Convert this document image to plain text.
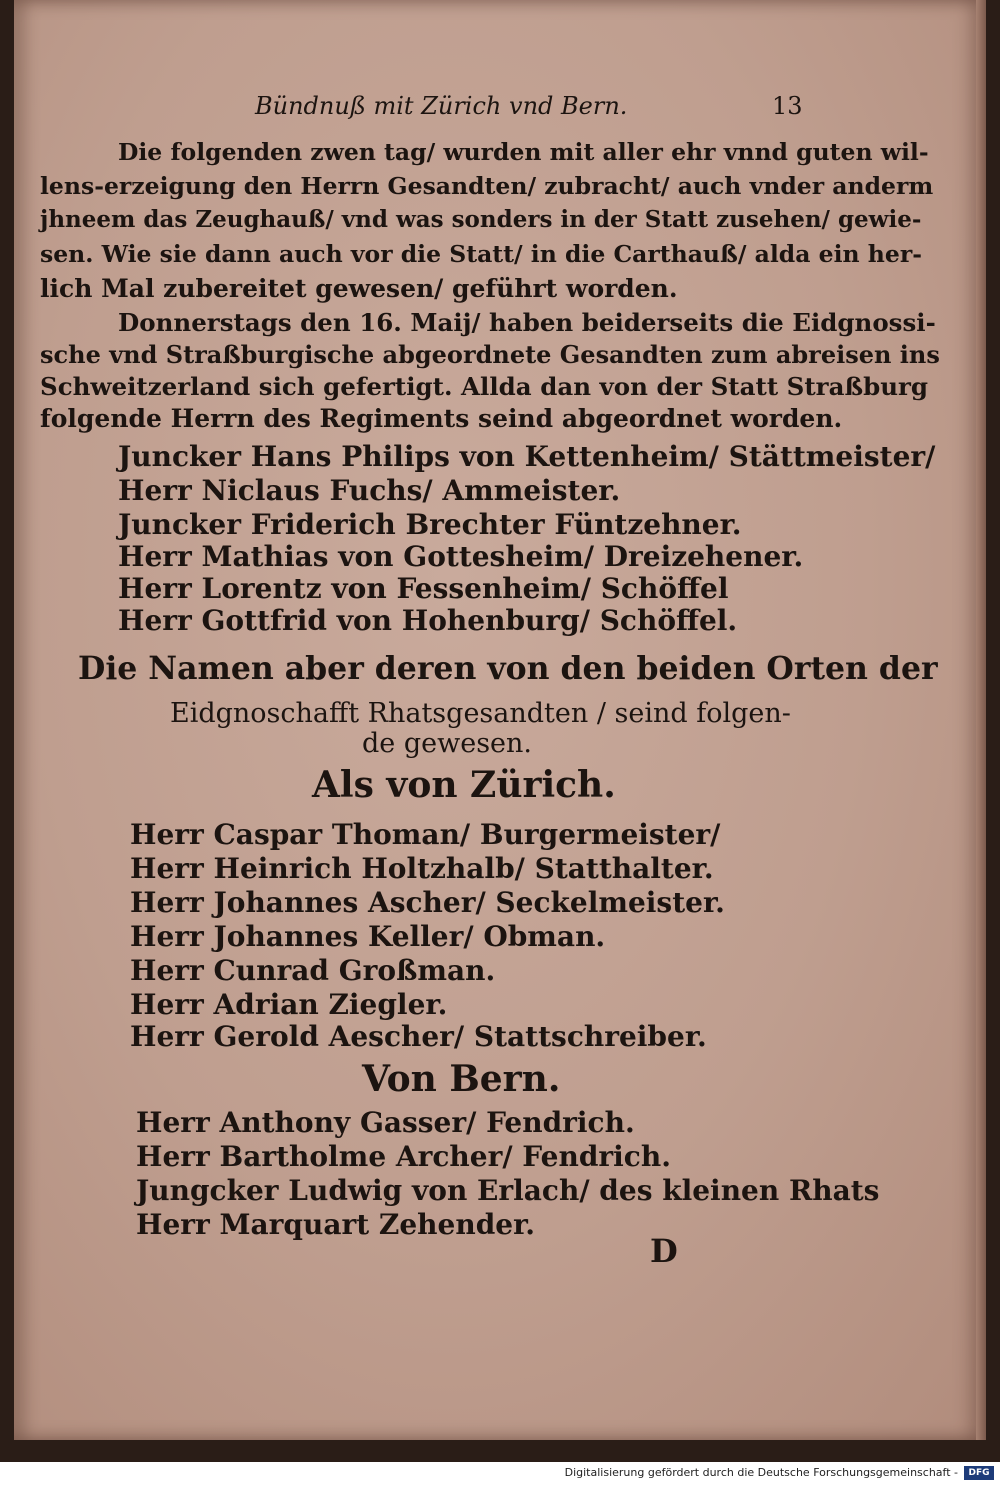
Bündnuß mit Zürich vnd Bern.	13
Die folgenden zwen tag/ wurden mit aller ehr vnnd guten wil-
lens-erzeigung den Herrn Gesandten/ zubracht/ auch vnder anderm
jhneem das Zeughauß/ vnd was sonders in der Statt zusehen/ gewie-
sen. Wie sie dann auch vor die Statt/ in die Carthauß/ alda ein her-
lich Mal zubereitet gewesen/ geführt worden.
Donnerstags den 16. Maij/ haben beiderseits die Eidgnossi-
sche vnd Straßburgische abgeordnete Gesandten zum abreisen ins
Schweitzerland sich gefertigt. Allda dan von der Statt Straßburg
folgende Herrn des Regiments seind abgeordnet worden.
Juncker Hans Philips von Kettenheim/ Stättmeister/
Herr Niclaus Fuchs/ Ammeister.
Juncker Friderich Brechter Füntzehner.
Herr Mathias von Gottesheim/ Dreizehener.
Herr Lorentz von Fessenheim/ Schöffel
Herr Gottfrid von Hohenburg/ Schöffel.
Die Namen aber deren von den beiden Orten der
Eidgnoschafft Rhatsgesandten / seind folgen-
de gewesen.
Als von Zürich.
Herr Caspar Thoman/ Burgermeister/
Herr Heinrich Holtzhalb/ Statthalter.
Herr Johannes Ascher/ Seckelmeister.
Herr Johannes Keller/ Obman.
Herr Cunrad Großman.
Herr Adrian Ziegler.
Herr Gerold Aescher/ Stattschreiber.
Von Bern.
Herr Anthony Gasser/ Fendrich.
Herr Bartholme Archer/ Fendrich.
Jungcker Ludwig von Erlach/ des kleinen Rhats
Herr Marquart Zehender.
D
Digitalisierung gefördert durch die Deutsche Forschungsgemeinschaft -	DFG
